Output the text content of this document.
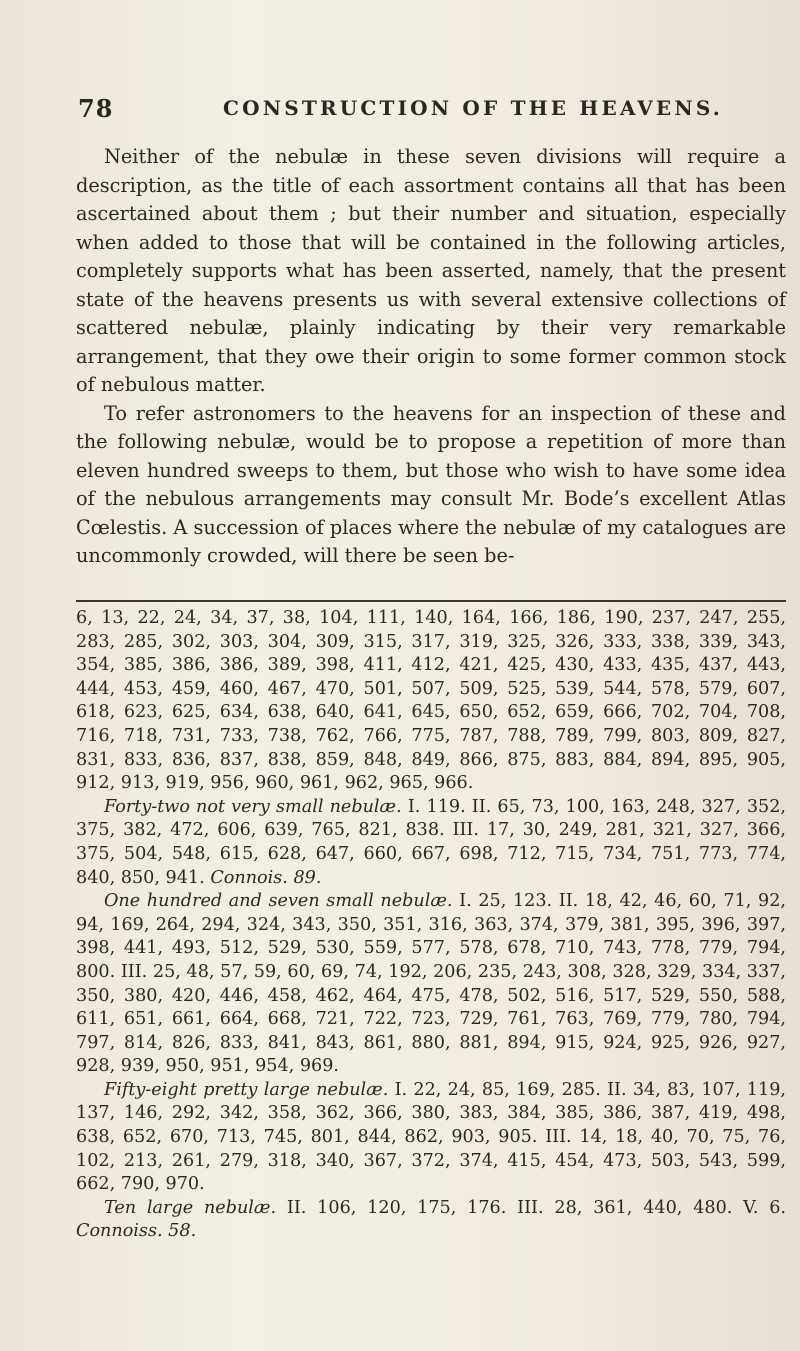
78	CONSTRUCTION OF THE HEAVENS.

Neither of the nebulæ in these seven divisions will require a description, as the title of each assortment contains all that has been ascertained about them ; but their number and situation, especially when added to those that will be contained in the following articles, completely supports what has been asserted, namely, that the present state of the heavens presents us with several extensive collections of scattered nebulæ, plainly indicating by their very remarkable arrangement, that they owe their origin to some former common stock of nebulous matter.

To refer astronomers to the heavens for an inspection of these and the following nebulæ, would be to propose a repetition of more than eleven hundred sweeps to them, but those who wish to have some idea of the nebulous arrangements may consult Mr. Bode’s excellent Atlas Cœlestis. A succession of places where the nebulæ of my catalogues are uncommonly crowded, will there be seen be-

6, 13, 22, 24, 34, 37, 38, 104, 111, 140, 164, 166, 186, 190, 237, 247, 255, 283, 285, 302, 303, 304, 309, 315, 317, 319, 325, 326, 333, 338, 339, 343, 354, 385, 386, 386, 389, 398, 411, 412, 421, 425, 430, 433, 435, 437, 443, 444, 453, 459, 460, 467, 470, 501, 507, 509, 525, 539, 544, 578, 579, 607, 618, 623, 625, 634, 638, 640, 641, 645, 650, 652, 659, 666, 702, 704, 708, 716, 718, 731, 733, 738, 762, 766, 775, 787, 788, 789, 799, 803, 809, 827, 831, 833, 836, 837, 838, 859, 848, 849, 866, 875, 883, 884, 894, 895, 905, 912, 913, 919, 956, 960, 961, 962, 965, 966.

Forty-two not very small nebulæ. I. 119. II. 65, 73, 100, 163, 248, 327, 352, 375, 382, 472, 606, 639, 765, 821, 838. III. 17, 30, 249, 281, 321, 327, 366, 375, 504, 548, 615, 628, 647, 660, 667, 698, 712, 715, 734, 751, 773, 774, 840, 850, 941. Connois. 89.

One hundred and seven small nebulæ. I. 25, 123. II. 18, 42, 46, 60, 71, 92, 94, 169, 264, 294, 324, 343, 350, 351, 316, 363, 374, 379, 381, 395, 396, 397, 398, 441, 493, 512, 529, 530, 559, 577, 578, 678, 710, 743, 778, 779, 794, 800. III. 25, 48, 57, 59, 60, 69, 74, 192, 206, 235, 243, 308, 328, 329, 334, 337, 350, 380, 420, 446, 458, 462, 464, 475, 478, 502, 516, 517, 529, 550, 588, 611, 651, 661, 664, 668, 721, 722, 723, 729, 761, 763, 769, 779, 780, 794, 797, 814, 826, 833, 841, 843, 861, 880, 881, 894, 915, 924, 925, 926, 927, 928, 939, 950, 951, 954, 969.

Fifty-eight pretty large nebulæ. I. 22, 24, 85, 169, 285. II. 34, 83, 107, 119, 137, 146, 292, 342, 358, 362, 366, 380, 383, 384, 385, 386, 387, 419, 498, 638, 652, 670, 713, 745, 801, 844, 862, 903, 905. III. 14, 18, 40, 70, 75, 76, 102, 213, 261, 279, 318, 340, 367, 372, 374, 415, 454, 473, 503, 543, 599, 662, 790, 970.

Ten large nebulæ. II. 106, 120, 175, 176. III. 28, 361, 440, 480. V. 6. Connoiss. 58.
